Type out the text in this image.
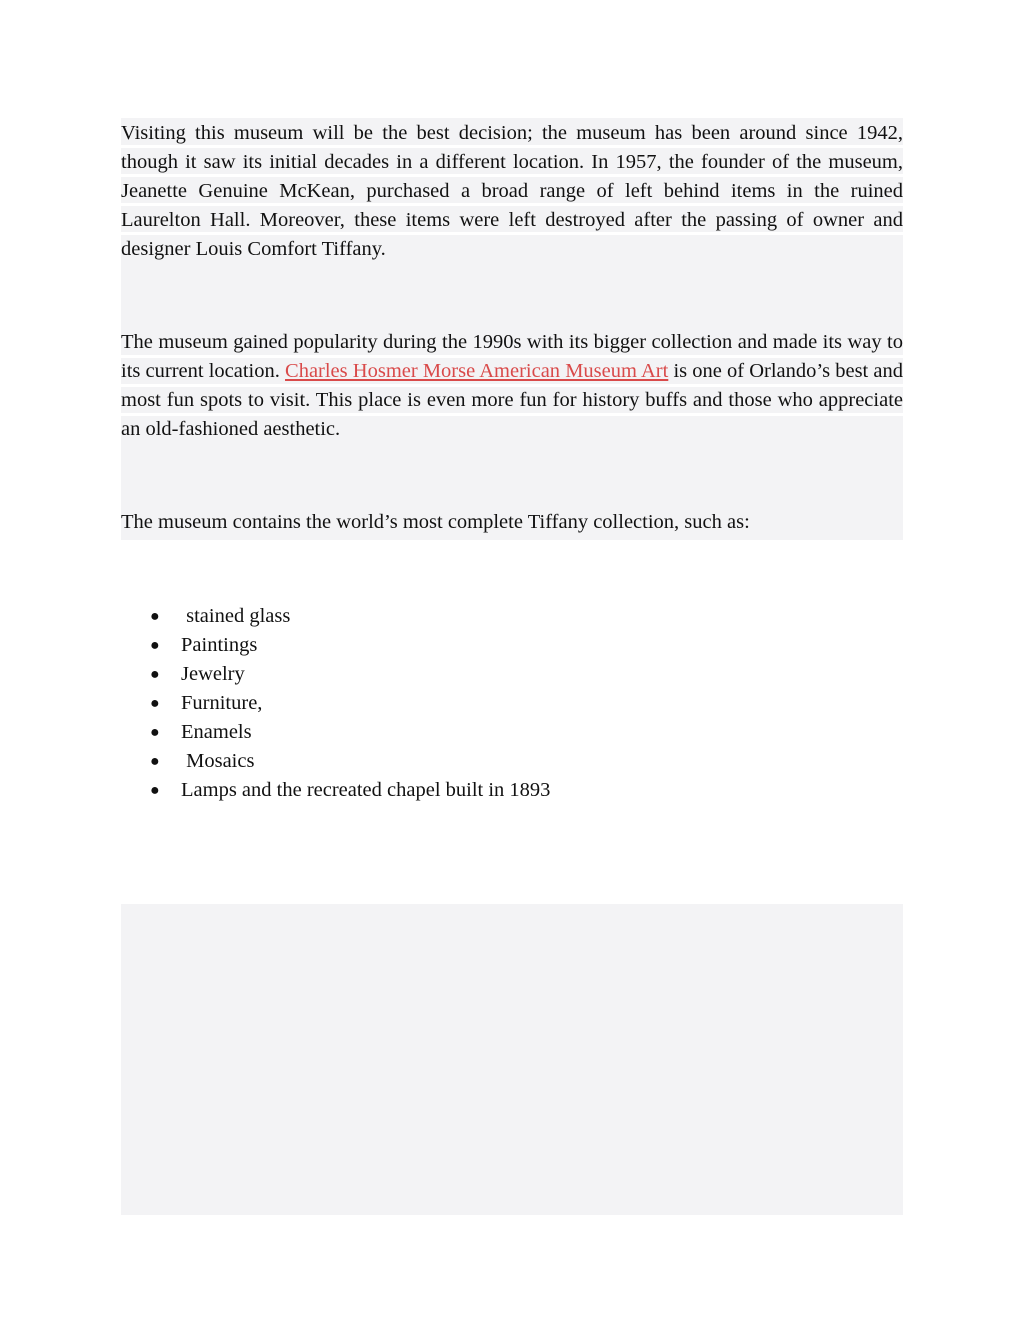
Visiting this museum will be the best decision; the museum has been around since 1942, though it saw its initial decades in a different location. In 1957, the founder of the museum, Jeanette Genuine McKean, purchased a broad range of left behind items in the ruined Laurelton Hall. Moreover, these items were left destroyed after the passing of owner and designer Louis Comfort Tiffany.

The museum gained popularity during the 1990s with its bigger collection and made its way to its current location. Charles Hosmer Morse American Museum Art is one of Orlando’s best and most fun spots to visit. This place is even more fun for history buffs and those who appreciate an old-fashioned aesthetic.

The museum contains the world’s most complete Tiffany collection, such as:

● stained glass
● Paintings
● Jewelry
● Furniture,
● Enamels
● Mosaics
● Lamps and the recreated chapel built in 1893
